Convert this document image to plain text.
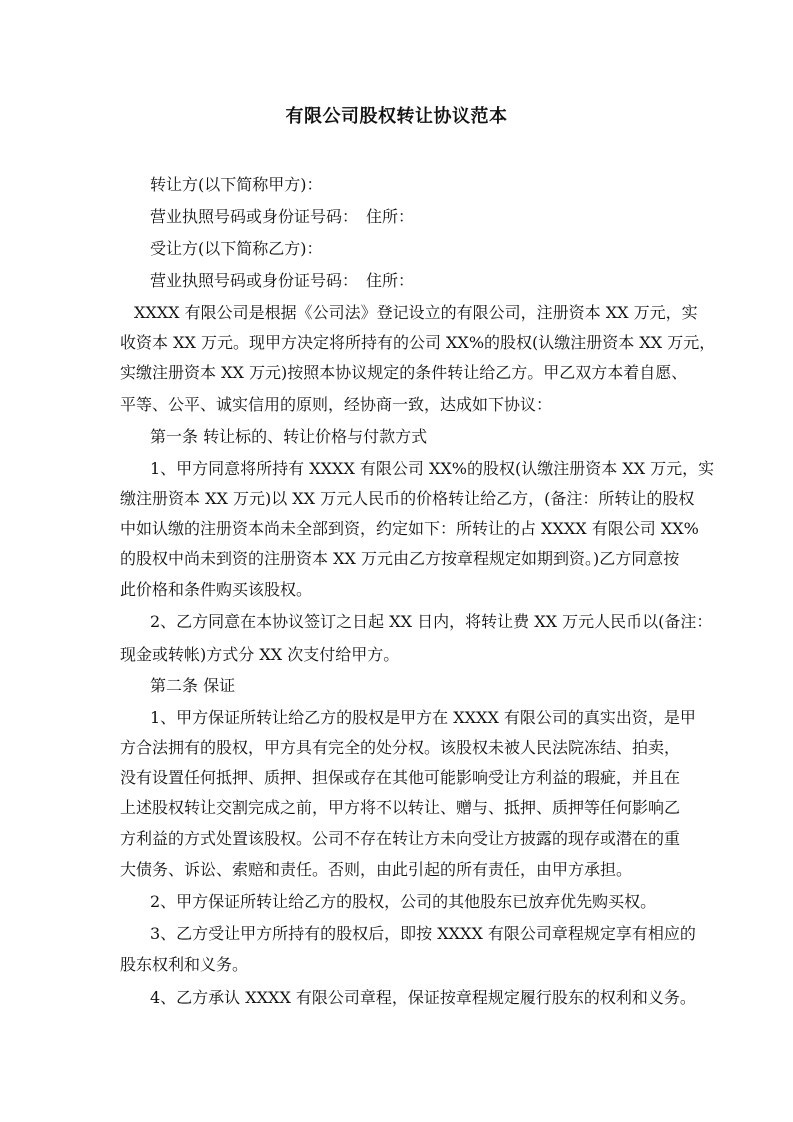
有限公司股权转让协议范本
转让方(以下简称甲方)：
营业执照号码或身份证号码：　住所：
受让方(以下简称乙方)：
营业执照号码或身份证号码：　住所：
XXXX 有限公司是根据《公司法》登记设立的有限公司，注册资本 XX 万元，实
收资本 XX 万元。现甲方决定将所持有的公司 XX%的股权(认缴注册资本 XX 万元，
实缴注册资本 XX 万元)按照本协议规定的条件转让给乙方。甲乙双方本着自愿、
平等、公平、诚实信用的原则，经协商一致，达成如下协议：
第一条 转让标的、转让价格与付款方式
1、甲方同意将所持有 XXXX 有限公司 XX%的股权(认缴注册资本 XX 万元，实
缴注册资本 XX 万元)以 XX 万元人民币的价格转让给乙方，(备注：所转让的股权
中如认缴的注册资本尚未全部到资，约定如下：所转让的占 XXXX 有限公司 XX%
的股权中尚未到资的注册资本 XX 万元由乙方按章程规定如期到资。)乙方同意按
此价格和条件购买该股权。
2、乙方同意在本协议签订之日起 XX 日内，将转让费 XX 万元人民币以(备注：
现金或转帐)方式分 XX 次支付给甲方。
第二条 保证
1、甲方保证所转让给乙方的股权是甲方在 XXXX 有限公司的真实出资，是甲
方合法拥有的股权，甲方具有完全的处分权。该股权未被人民法院冻结、拍卖，
没有设置任何抵押、质押、担保或存在其他可能影响受让方利益的瑕疵，并且在
上述股权转让交割完成之前，甲方将不以转让、赠与、抵押、质押等任何影响乙
方利益的方式处置该股权。公司不存在转让方未向受让方披露的现存或潜在的重
大债务、诉讼、索赔和责任。否则，由此引起的所有责任，由甲方承担。
2、甲方保证所转让给乙方的股权，公司的其他股东已放弃优先购买权。
3、乙方受让甲方所持有的股权后，即按 XXXX 有限公司章程规定享有相应的
股东权利和义务。
4、乙方承认 XXXX 有限公司章程，保证按章程规定履行股东的权利和义务。
